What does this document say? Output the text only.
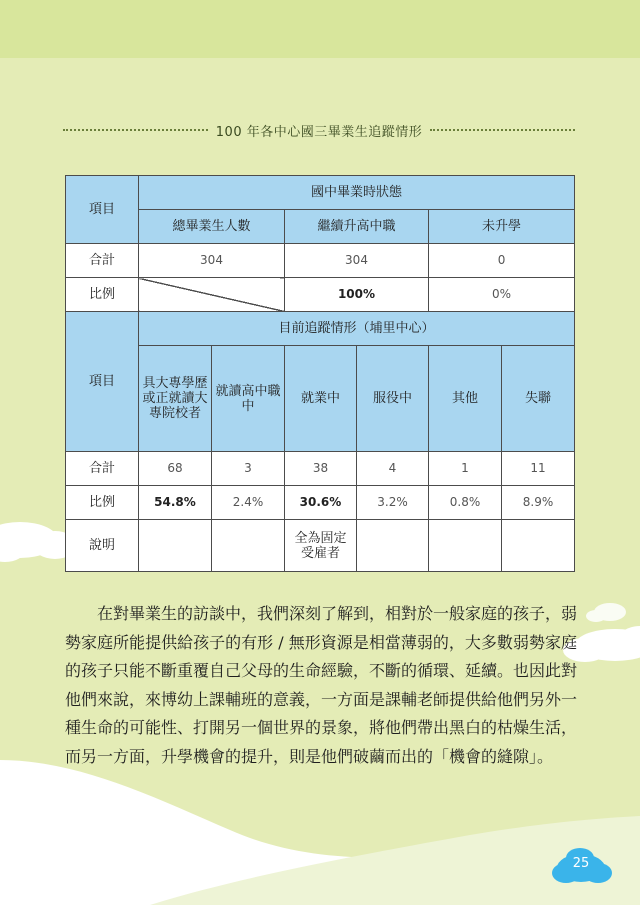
100 年各中心國三畢業生追蹤情形
項目	國中畢業時狀態					
	總畢業生人數		繼續升高中職		未升學	
合計	304		304		0	
比例			100%		0%	
項目	目前追蹤情形（埔里中心）					
	具大專學歷或正就讀大專院校者	就讀高中職中	就業中	服役中	其他	失聯
合計	68	3	38	4	1	11
比例	54.8%	2.4%	30.6%	3.2%	0.8%	8.9%
說明			全為固定受雇者			

在對畢業生的訪談中，我們深刻了解到，相對於一般家庭的孩子，弱勢家庭所能提供給孩子的有形 / 無形資源是相當薄弱的，大多數弱勢家庭的孩子只能不斷重覆自己父母的生命經驗，不斷的循環、延續。也因此對他們來說，來博幼上課輔班的意義，一方面是課輔老師提供給他們另外一種生命的可能性、打開另一個世界的景象，將他們帶出黑白的枯燥生活，而另一方面，升學機會的提升，則是他們破繭而出的「機會的縫隙」。

25
